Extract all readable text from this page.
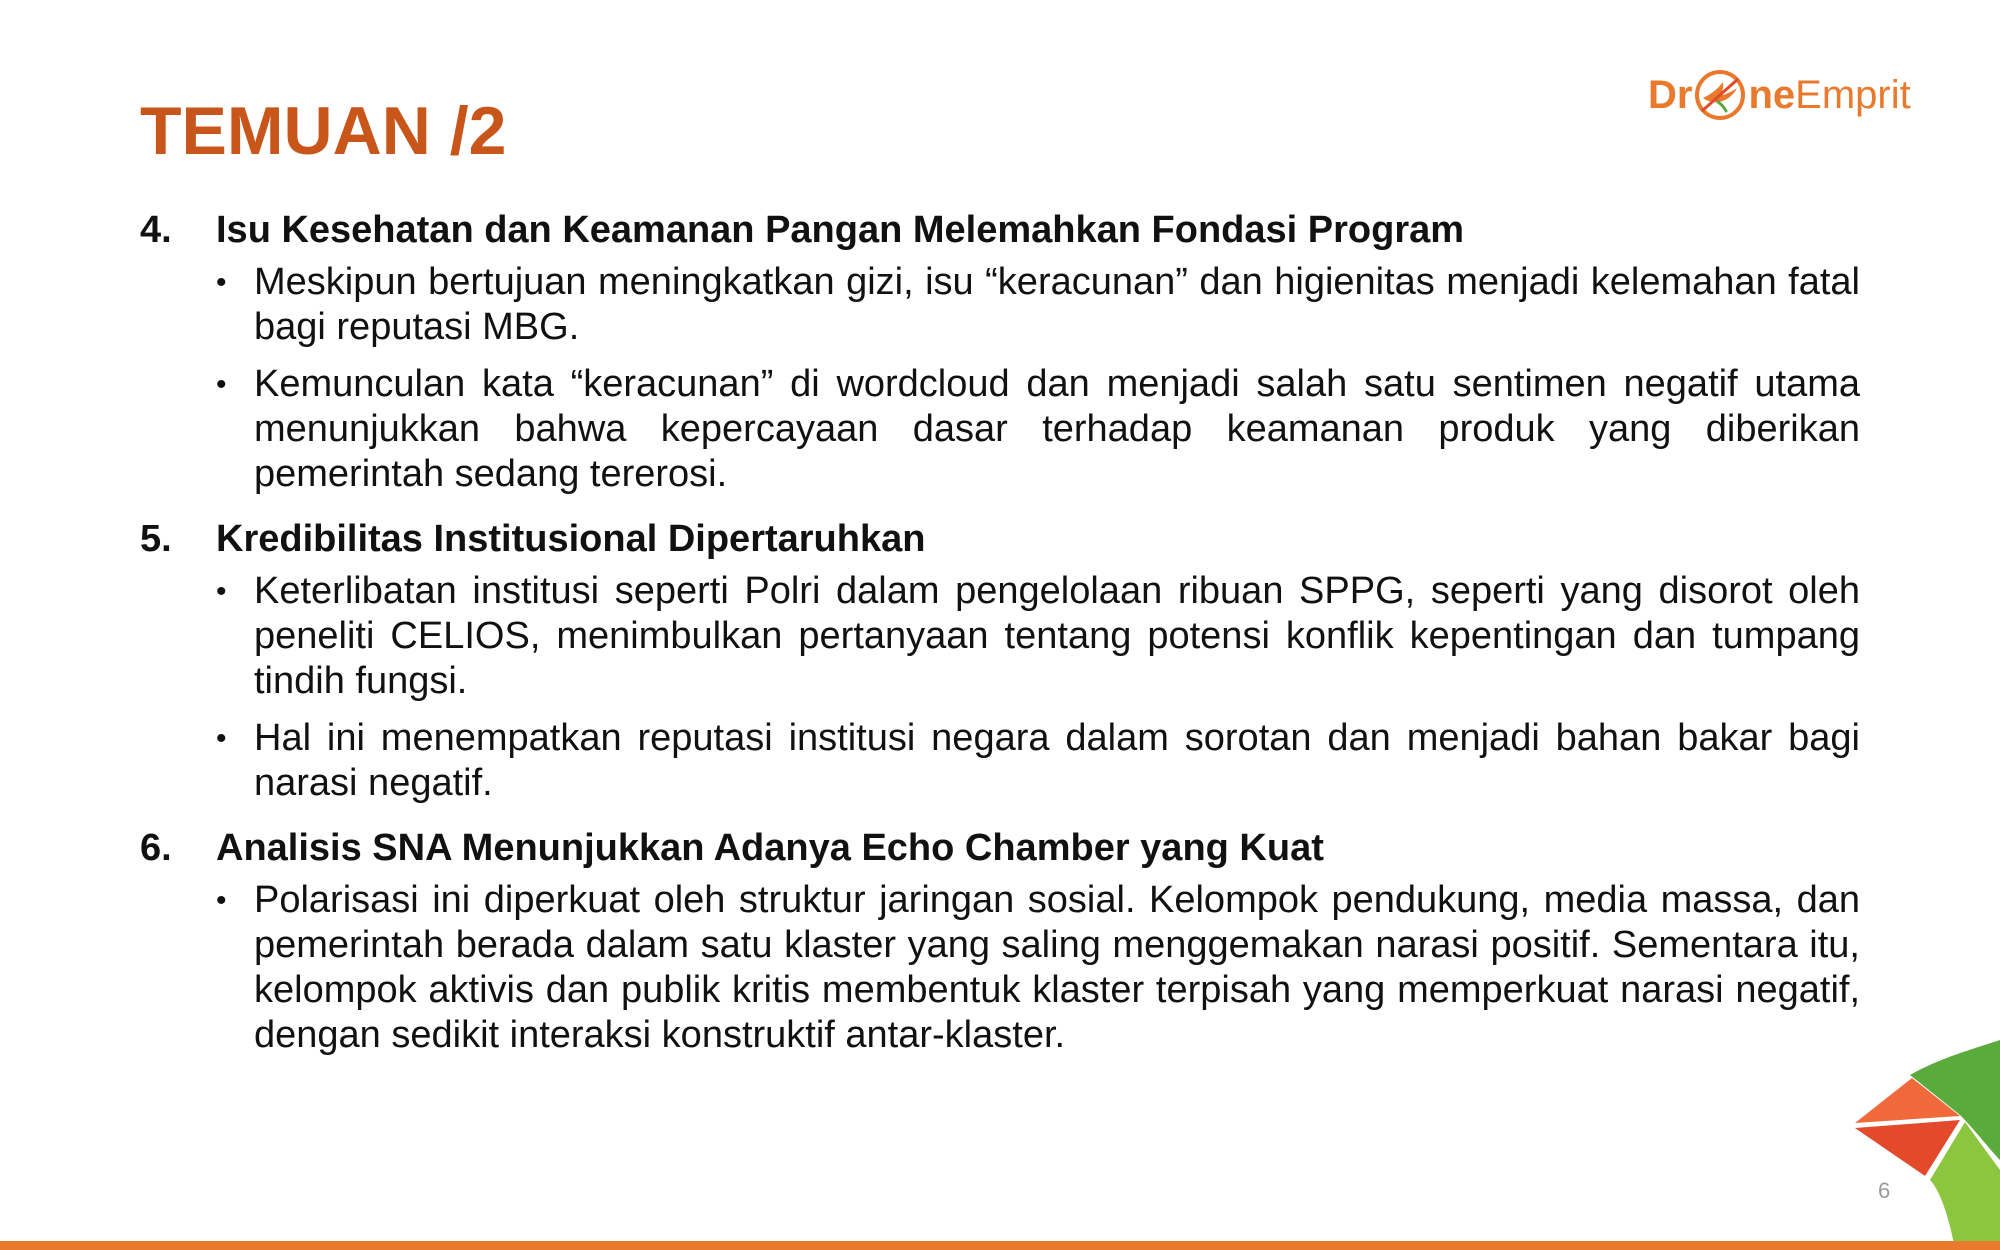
TEMUAN /2	Dr ne Emprit
4.	Isu Kesehatan dan Keamanan Pangan Melemahkan Fondasi Program
• Meskipun bertujuan meningkatkan gizi, isu “keracunan” dan higienitas menjadi kelemahan fatal bagi reputasi MBG.
• Kemunculan kata “keracunan” di wordcloud dan menjadi salah satu sentimen negatif utama menunjukkan bahwa kepercayaan dasar terhadap keamanan produk yang diberikan pemerintah sedang tererosi.
5.	Kredibilitas Institusional Dipertaruhkan
• Keterlibatan institusi seperti Polri dalam pengelolaan ribuan SPPG, seperti yang disorot oleh peneliti CELIOS, menimbulkan pertanyaan tentang potensi konflik kepentingan dan tumpang tindih fungsi.
• Hal ini menempatkan reputasi institusi negara dalam sorotan dan menjadi bahan bakar bagi narasi negatif.
6.	Analisis SNA Menunjukkan Adanya Echo Chamber yang Kuat
• Polarisasi ini diperkuat oleh struktur jaringan sosial. Kelompok pendukung, media massa, dan pemerintah berada dalam satu klaster yang saling menggemakan narasi positif. Sementara itu, kelompok aktivis dan publik kritis membentuk klaster terpisah yang memperkuat narasi negatif, dengan sedikit interaksi konstruktif antar-klaster.
6
